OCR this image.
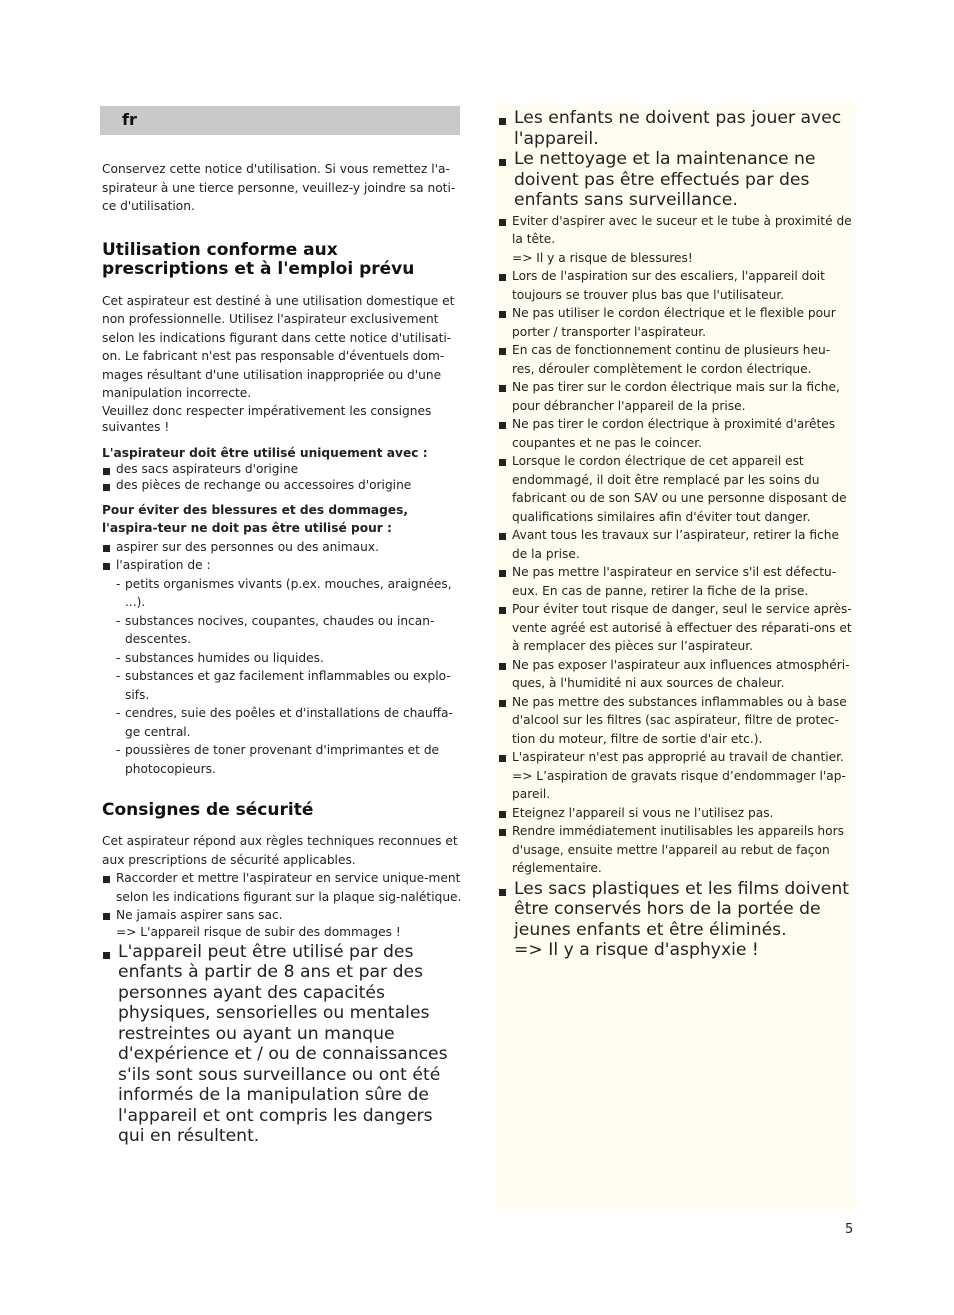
fr

Conservez cette notice d'utilisation. Si vous remettez l'a-spirateur à une tierce personne, veuillez-y joindre sa noti-ce d'utilisation.

Utilisation conforme aux prescriptions et à l'emploi prévu

Cet aspirateur est destiné à une utilisation domestique et non professionnelle. Utilisez l'aspirateur exclusivement selon les indications figurant dans cette notice d'utilisati-on. Le fabricant n'est pas responsable d'éventuels dom-mages résultant d'une utilisation inappropriée ou d'une manipulation incorrecte.

Veuillez donc respecter impérativement les consignes suivantes !

L'aspirateur doit être utilisé uniquement avec :

des sacs aspirateurs d'origine
des pièces de rechange ou accessoires d'origine

Pour éviter des blessures et des dommages, l'aspira-teur ne doit pas être utilisé pour :

aspirer sur des personnes ou des animaux.
l'aspiration de :
- petits organismes vivants (p.ex. mouches, araignées, ...).
- substances nocives, coupantes, chaudes ou incan-descentes.
- substances humides ou liquides.
- substances et gaz facilement inflammables ou explo-sifs.
- cendres, suie des poêles et d'installations de chauffa-ge central.
- poussières de toner provenant d'imprimantes et de photocopieurs.
Consignes de sécurité

Cet aspirateur répond aux règles techniques reconnues et aux prescriptions de sécurité applicables.

Raccorder et mettre l'aspirateur en service unique-ment selon les indications figurant sur la plaque sig-nalétique.
Ne jamais aspirer sans sac.
=> L'appareil risque de subir des dommages !
L'appareil peut être utilisé par des enfants à partir de 8 ans et par des personnes ayant des capacités physiques, sensorielles ou mentales restreintes ou ayant un manque d'expérience et / ou de connaissances s'ils sont sous surveillance ou ont été informés de la manipulation sûre de l'appareil et ont compris les dangers qui en résultent.
Les enfants ne doivent pas jouer avec l'appareil.
Le nettoyage et la maintenance ne doivent pas être effectués par des enfants sans surveillance.
Eviter d'aspirer avec le suceur et le tube à proximité de la tête.
=> Il y a risque de blessures!
Lors de l'aspiration sur des escaliers, l'appareil doit toujours se trouver plus bas que l'utilisateur.
Ne pas utiliser le cordon électrique et le flexible pour porter / transporter l'aspirateur.
En cas de fonctionnement continu de plusieurs heu-res, dérouler complètement le cordon électrique.
Ne pas tirer sur le cordon électrique mais sur la fiche, pour débrancher l'appareil de la prise.
Ne pas tirer le cordon électrique à proximité d'arêtes coupantes et ne pas le coincer.
Lorsque le cordon électrique de cet appareil est endommagé, il doit être remplacé par les soins du fabricant ou de son SAV ou une personne disposant de qualifications similaires afin d'éviter tout danger.
Avant tous les travaux sur l’aspirateur, retirer la fiche de la prise.
Ne pas mettre l'aspirateur en service s'il est défectu-eux. En cas de panne, retirer la fiche de la prise.
Pour éviter tout risque de danger, seul le service après-vente agréé est autorisé à effectuer des réparati-ons et à remplacer des pièces sur l’aspirateur.
Ne pas exposer l'aspirateur aux influences atmosphéri-ques, à l'humidité ni aux sources de chaleur.
Ne pas mettre des substances inflammables ou à base d'alcool sur les filtres (sac aspirateur, filtre de protec-tion du moteur, filtre de sortie d'air etc.).
L'aspirateur n'est pas approprié au travail de chantier.
=> L’aspiration de gravats risque d’endommager l'ap-pareil.
Eteignez l'appareil si vous ne l’utilisez pas.
Rendre immédiatement inutilisables les appareils hors d'usage, ensuite mettre l'appareil au rebut de façon réglementaire.
Les sacs plastiques et les films doivent être conservés hors de la portée de jeunes enfants et être éliminés.
=> Il y a risque d'asphyxie !
5
